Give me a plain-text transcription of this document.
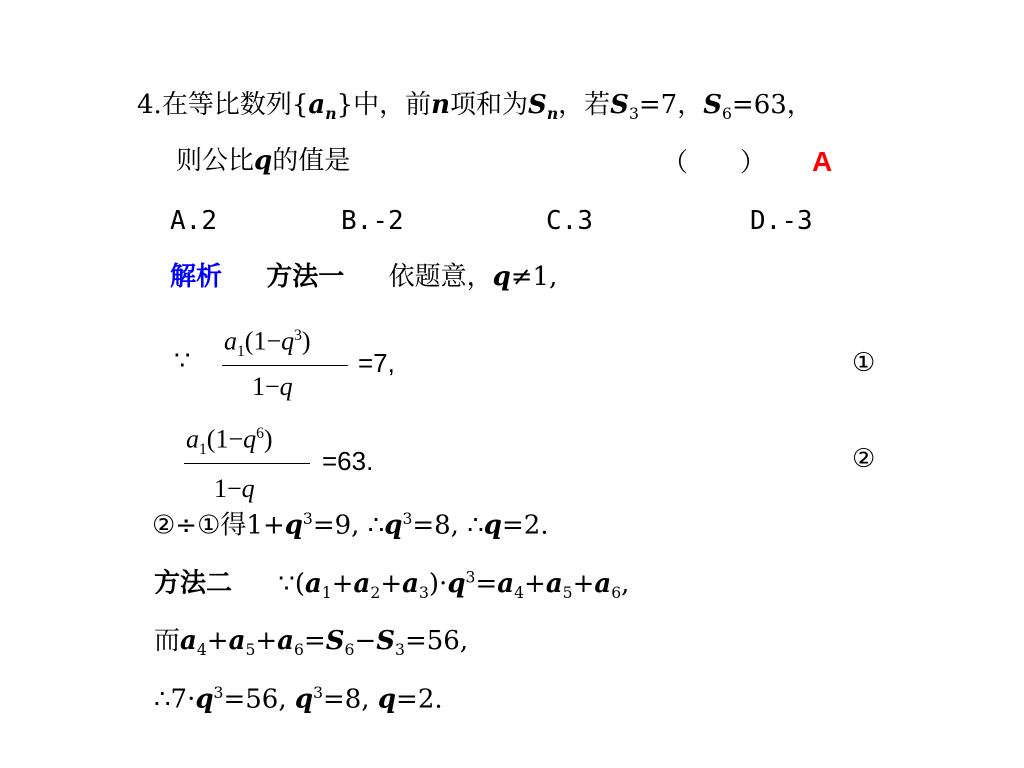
4.在等比数列$\{a_n\}$中，前n项和为$S_n$，若$S_3=7$，$S_6=63$，
则公比q的值是	（　　） A
A.2	B.-2	C.3	D.-3
解析 方法一 依题意，q≠1,
∵
$a_1(1-q^3)$
1−q
=7,	①
$a_1(1-q^6)$
1−q
=63.	②
②÷①得$1+q^3=9$, $\therefore q^3=8$, ∴q=2.
方法二 $\because(a_1+a_2+a_3)\cdot q^3=a_4+a_5+a_6$,
而$a_4+a_5+a_6=S_6-S_3=56$,
$\therefore 7\cdot q^3=56$, $q^3=8$, q=2.
